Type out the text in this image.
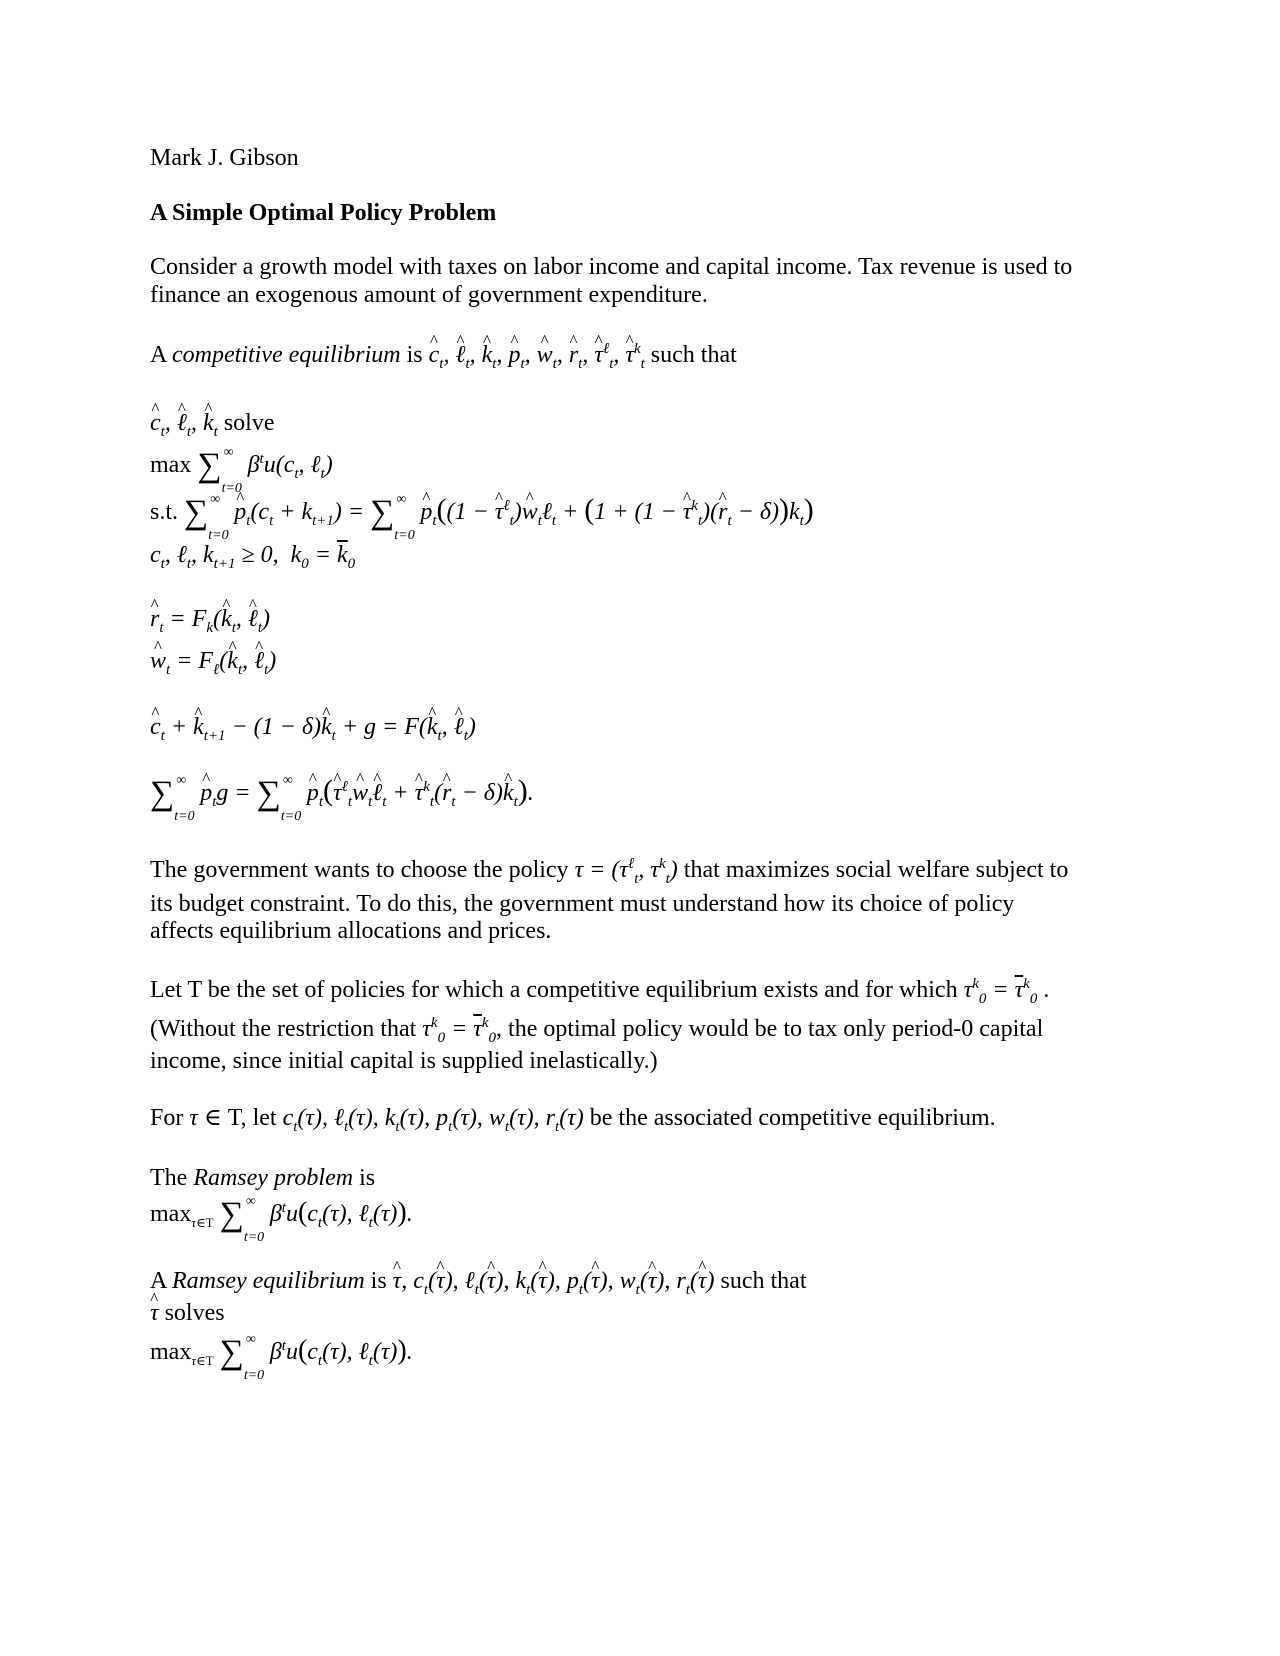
Mark J. Gibson
A Simple Optimal Policy Problem
Consider a growth model with taxes on labor income and capital income. Tax revenue is used to
finance an exogenous amount of government expenditure.
A competitive equilibrium is ^ $c_t$, ^ ℓ$_t$, ^ $k_t$, ^ $p_t$, ^ $w_t$, ^ $r_t$, ^ $\tau^\ell_t$, ^ $\tau^k_t$ such that
^ $c_t$, ^ ℓ$_t$, ^ $k_t$ solve
max ∑
t=0
∞ $\beta^tu(c_t$, ℓ$_t$)
s.t. ∑
t=0
∞ ^ $p_t(c_t + k_{t+1})$ = ∑
t=0
∞ ^ $p_t((1$ − ^ $\tau^\ell_t)\^{}$ $w_t\ell_t + (1 + (1$ − ^ $\tau^k_t)(\^{}$ $r_t - \delta))k_t$)
$c_t$, ℓ$_t$, $k_{t+1} \ge 0$,  $k_0 = \overline{k}_0$
^ $r_t$ = $F_k(\^{}$ $k_t$, ^ ℓ$_t$)
^ $w_t$ = $F_\ell(\^{}$ $k_t$, ^ ℓ$_t$)
^ $c_t$ + ^ $k_{t+1} - (1$ − δ)^ $k_t + g$ = F(^ $k_t$, ^ ℓ$_t$)
∑
t=0
∞ ^ $p_tg$ = ∑
t=0
∞ ^ $p_t(\^{}$ $\tau^\ell_t\^{}$ $w_t\^{}$ ℓ$_t$ + ^ $\tau^k_t(\^{}$ $r_t$ − δ)^ $k_t$).
The government wants to choose the policy $\tau = (\tau^\ell_t$, $\tau^k_t$) that maximizes social welfare subject to
its budget constraint. To do this, the government must understand how its choice of policy
affects equilibrium allocations and prices.
Let T be the set of policies for which a competitive equilibrium exists and for which $\tau^k_0 = \overline{\tau}^k_0$ .
(Without the restriction that $\tau^k_0 = \overline{\tau}^k_0$, the optimal policy would be to tax only period-0 capital
income, since initial capital is supplied inelastically.)
For τ ∈ T, let $c_t(\tau)$, ℓ$_t$(τ), $k_t(\tau)$, $p_t(\tau)$, $w_t(\tau)$, $r_t(\tau)$ be the associated competitive equilibrium.
The Ramsey problem is
$\max_{\tau\in T}$ ∑
t=0
∞ $\beta^tu(c_t(\tau)$, ℓ$_t$(τ)).
A Ramsey equilibrium is ^ τ, $c_t(\^{}$ τ), ℓ$_t$(^ τ), $k_t(\^{}$ τ), $p_t(\^{}$ τ), $w_t(\^{}$ τ), $r_t(\^{}$ τ) such that
^ τ solves
$\max_{\tau\in T}$ ∑
t=0
∞ $\beta^tu(c_t(\tau)$, ℓ$_t$(τ)).
